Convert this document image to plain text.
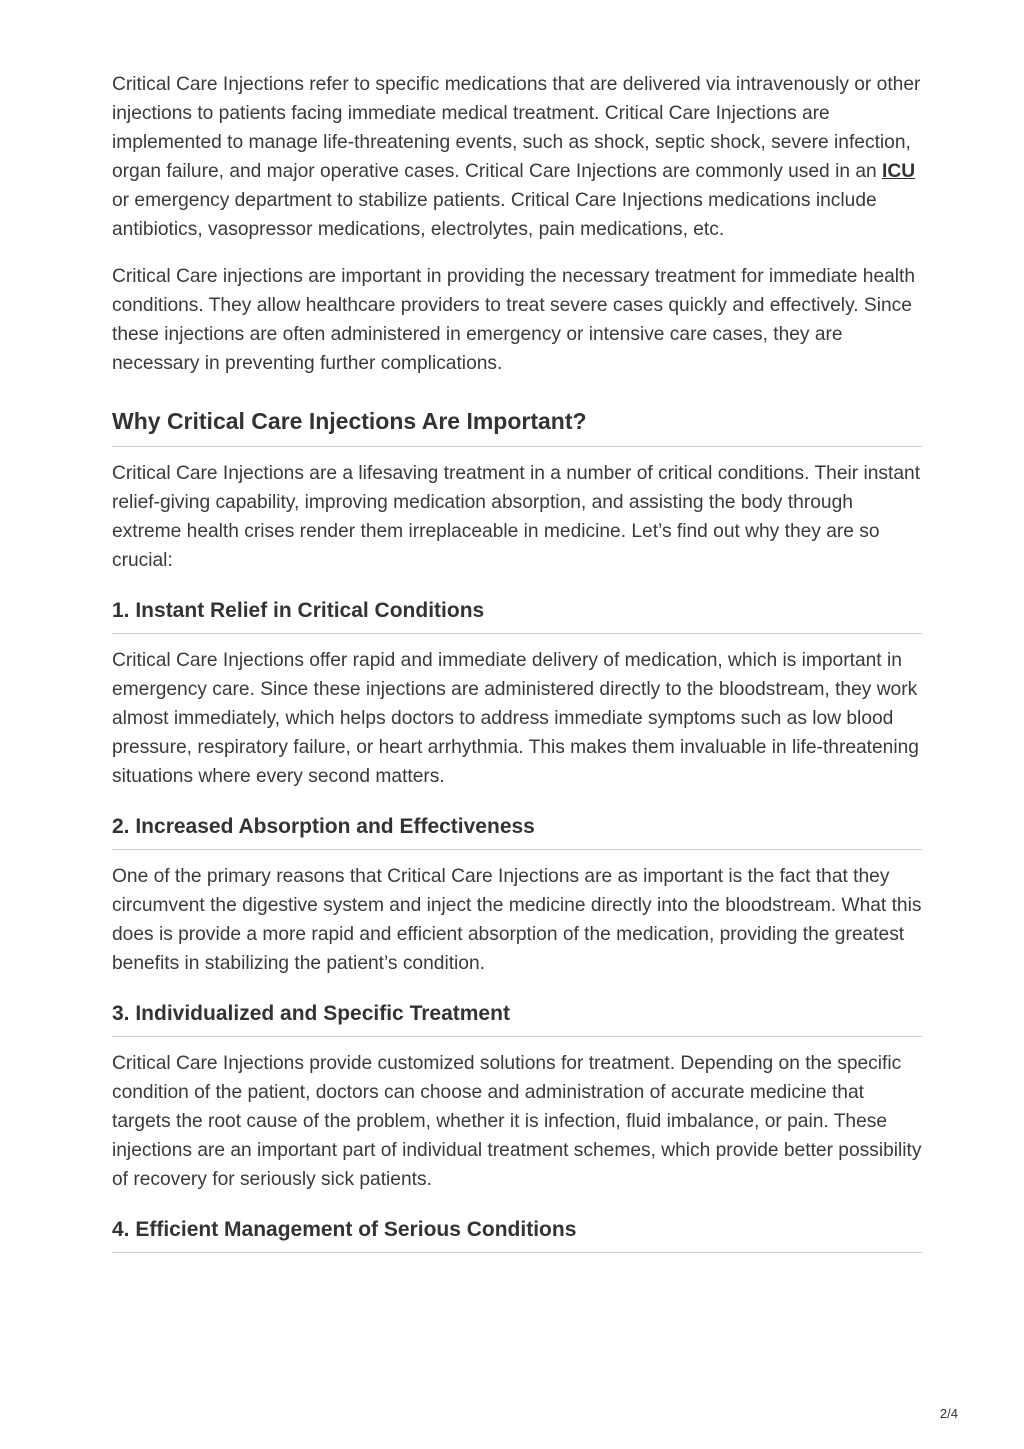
Critical Care Injections refer to specific medications that are delivered via intravenously or other injections to patients facing immediate medical treatment. Critical Care Injections are implemented to manage life-threatening events, such as shock, septic shock, severe infection, organ failure, and major operative cases. Critical Care Injections are commonly used in an ICU or emergency department to stabilize patients. Critical Care Injections medications include antibiotics, vasopressor medications, electrolytes, pain medications, etc.

Critical Care injections are important in providing the necessary treatment for immediate health conditions. They allow healthcare providers to treat severe cases quickly and effectively. Since these injections are often administered in emergency or intensive care cases, they are necessary in preventing further complications.

Why Critical Care Injections Are Important?

Critical Care Injections are a lifesaving treatment in a number of critical conditions. Their instant relief-giving capability, improving medication absorption, and assisting the body through extreme health crises render them irreplaceable in medicine. Let’s find out why they are so crucial:

1. Instant Relief in Critical Conditions

Critical Care Injections offer rapid and immediate delivery of medication, which is important in emergency care. Since these injections are administered directly to the bloodstream, they work almost immediately, which helps doctors to address immediate symptoms such as low blood pressure, respiratory failure, or heart arrhythmia. This makes them invaluable in life-threatening situations where every second matters.

2. Increased Absorption and Effectiveness

One of the primary reasons that Critical Care Injections are as important is the fact that they circumvent the digestive system and inject the medicine directly into the bloodstream. What this does is provide a more rapid and efficient absorption of the medication, providing the greatest benefits in stabilizing the patient’s condition.

3. Individualized and Specific Treatment

Critical Care Injections provide customized solutions for treatment. Depending on the specific condition of the patient, doctors can choose and administration of accurate medicine that targets the root cause of the problem, whether it is infection, fluid imbalance, or pain. These injections are an important part of individual treatment schemes, which provide better possibility of recovery for seriously sick patients.

4. Efficient Management of Serious Conditions
2/4
